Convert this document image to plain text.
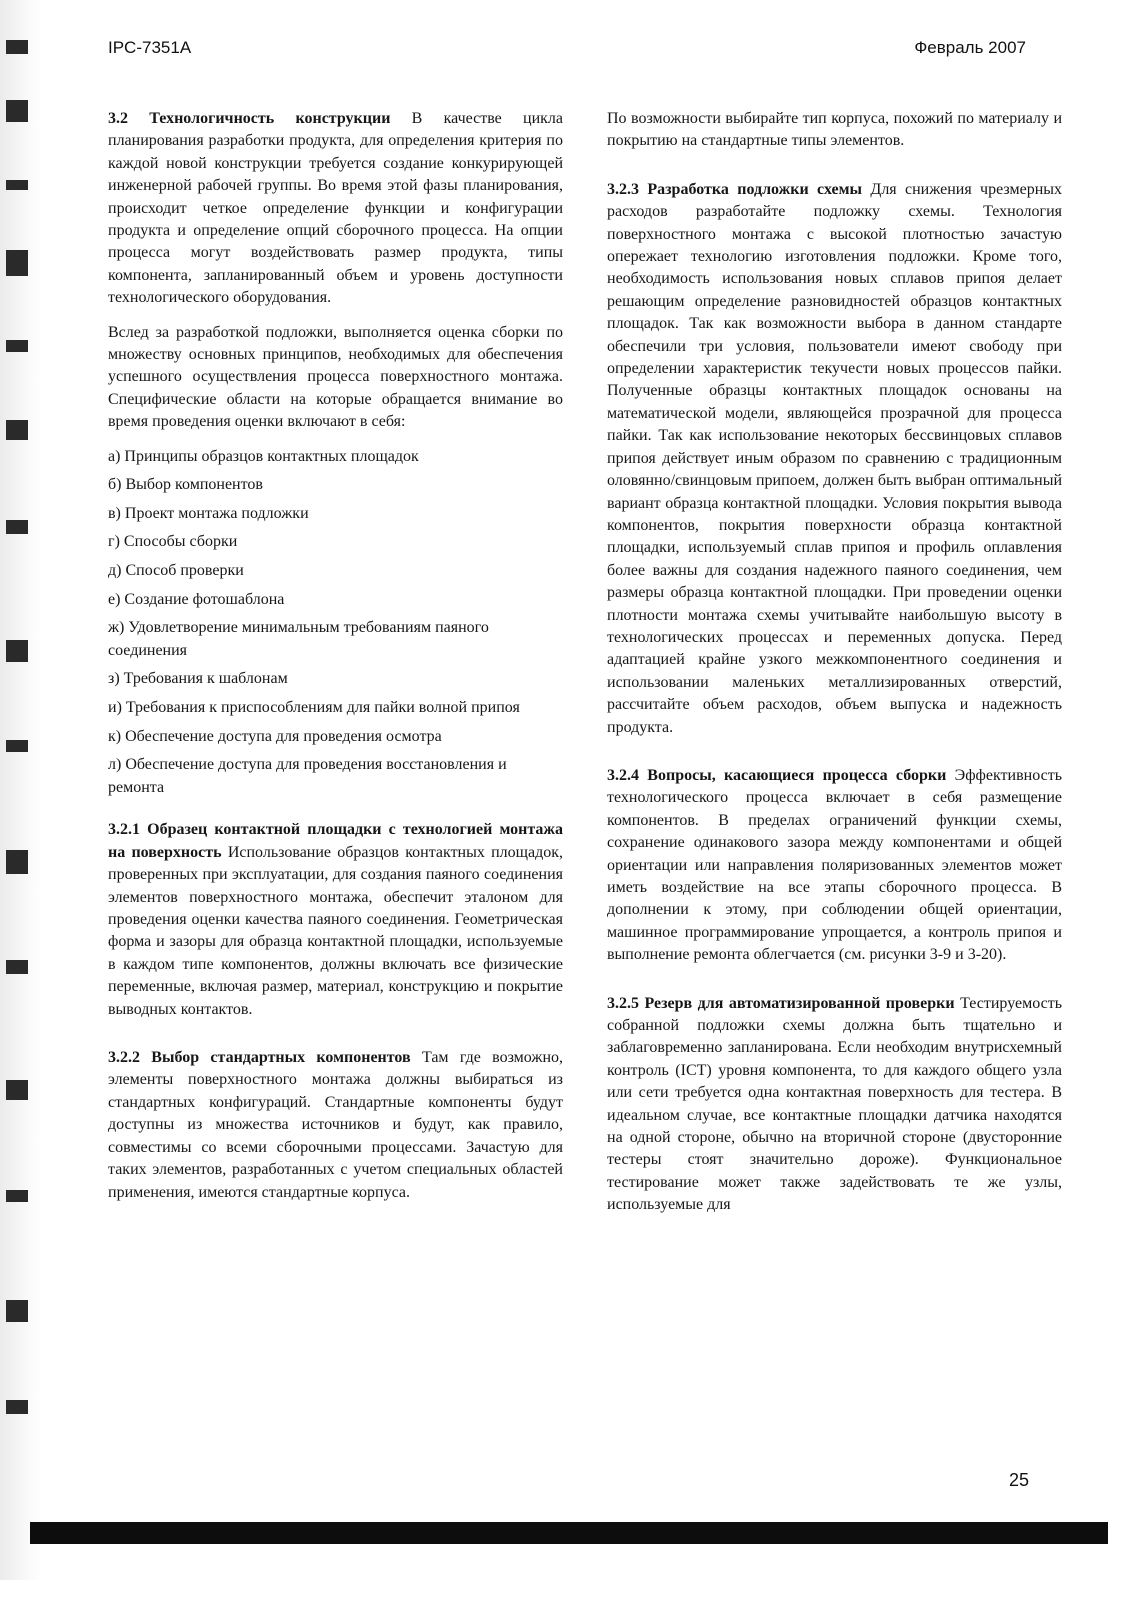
IPC-7351A	Февраль 2007

3.2 Технологичность конструкции В качестве цикла планирования разработки продукта, для определения критерия по каждой новой конструкции требуется создание конкурирующей инженерной рабочей группы. Во время этой фазы планирования, происходит четкое определение функции и конфигурации продукта и определение опций сборочного процесса. На опции процесса могут воздействовать размер продукта, типы компонента, запланированный объем и уровень доступности технологического оборудования.

Вслед за разработкой подложки, выполняется оценка сборки по множеству основных принципов, необходимых для обеспечения успешного осуществления процесса поверхностного монтажа. Специфические области на которые обращается внимание во время проведения оценки включают в себя:

а) Принципы образцов контактных площадок
б) Выбор компонентов
в) Проект монтажа подложки
г) Способы сборки
д) Способ проверки
е) Создание фотошаблона
ж) Удовлетворение минимальным требованиям паяного соединения
з) Требования к шаблонам
и) Требования к приспособлениям для пайки волной припоя
к) Обеспечение доступа для проведения осмотра
л) Обеспечение доступа для проведения восстановления и ремонта

3.2.1 Образец контактной площадки с технологией монтажа на поверхность Использование образцов контактных площадок, проверенных при эксплуатации, для создания паяного соединения элементов поверхностного монтажа, обеспечит эталоном для проведения оценки качества паяного соединения. Геометрическая форма и зазоры для образца контактной площадки, используемые в каждом типе компонентов, должны включать все физические переменные, включая размер, материал, конструкцию и покрытие выводных контактов.

3.2.2 Выбор стандартных компонентов Там где возможно, элементы поверхностного монтажа должны выбираться из стандартных конфигураций. Стандартные компоненты будут доступны из множества источников и будут, как правило, совместимы со всеми сборочными процессами. Зачастую для таких элементов, разработанных с учетом специальных областей применения, имеются стандартные корпуса.

По возможности выбирайте тип корпуса, похожий по материалу и покрытию на стандартные типы элементов.

3.2.3 Разработка подложки схемы Для снижения чрезмерных расходов разработайте подложку схемы. Технология поверхностного монтажа с высокой плотностью зачастую опережает технологию изготовления подложки. Кроме того, необходимость использования новых сплавов припоя делает решающим определение разновидностей образцов контактных площадок. Так как возможности выбора в данном стандарте обеспечили три условия, пользователи имеют свободу при определении характеристик текучести новых процессов пайки. Полученные образцы контактных площадок основаны на математической модели, являющейся прозрачной для процесса пайки. Так как использование некоторых бессвинцовых сплавов припоя действует иным образом по сравнению с традиционным оловянно/свинцовым припоем, должен быть выбран оптимальный вариант образца контактной площадки. Условия покрытия вывода компонентов, покрытия поверхности образца контактной площадки, используемый сплав припоя и профиль оплавления более важны для создания надежного паяного соединения, чем размеры образца контактной площадки. При проведении оценки плотности монтажа схемы учитывайте наибольшую высоту в технологических процессах и переменных допуска. Перед адаптацией крайне узкого межкомпонентного соединения и использовании маленьких металлизированных отверстий, рассчитайте объем расходов, объем выпуска и надежность продукта.

3.2.4 Вопросы, касающиеся процесса сборки Эффективность технологического процесса включает в себя размещение компонентов. В пределах ограничений функции схемы, сохранение одинакового зазора между компонентами и общей ориентации или направления поляризованных элементов может иметь воздействие на все этапы сборочного процесса. В дополнении к этому, при соблюдении общей ориентации, машинное программирование упрощается, а контроль припоя и выполнение ремонта облегчается (см. рисунки 3-9 и 3-20).

3.2.5 Резерв для автоматизированной проверки Тестируемость собранной подложки схемы должна быть тщательно и заблаговременно запланирована. Если необходим внутрисхемный контроль (ICT) уровня компонента, то для каждого общего узла или сети требуется одна контактная поверхность для тестера. В идеальном случае, все контактные площадки датчика находятся на одной стороне, обычно на вторичной стороне (двусторонние тестеры стоят значительно дороже). Функциональное тестирование может также задействовать те же узлы, используемые для

25
